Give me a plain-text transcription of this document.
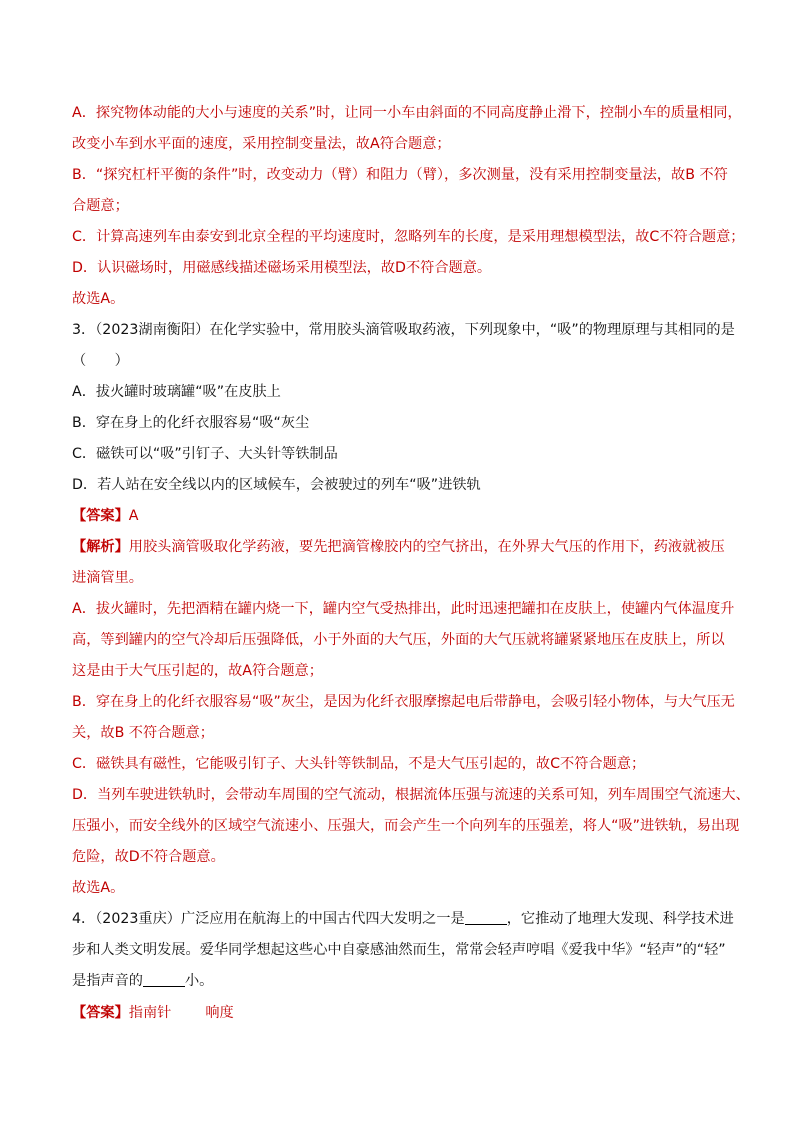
A．探究物体动能的大小与速度的关系”时，让同一小车由斜面的不同高度静止滑下，控制小车的质量相同，
改变小车到水平面的速度，采用控制变量法，故A符合题意；
B．“探究杠杆平衡的条件”时，改变动力（臂）和阻力（臂），多次测量，没有采用控制变量法，故B 不符
合题意；
C．计算高速列车由泰安到北京全程的平均速度时，忽略列车的长度，是采用理想模型法，故C不符合题意；
D．认识磁场时，用磁感线描述磁场采用模型法，故D不符合题意。
故选A。
3．（2023湖南衡阳）在化学实验中，常用胶头滴管吸取药液，下列现象中，“吸”的物理原理与其相同的是
（　　）
A．拔火罐时玻璃罐“吸”在皮肤上
B．穿在身上的化纤衣服容易“吸“灰尘
C．磁铁可以“吸”引钉子、大头针等铁制品
D．若人站在安全线以内的区域候车，会被驶过的列车“吸”进铁轨
【答案】A
【解析】用胶头滴管吸取化学药液，要先把滴管橡胶内的空气挤出，在外界大气压的作用下，药液就被压
进滴管里。
A．拔火罐时，先把酒精在罐内烧一下，罐内空气受热排出，此时迅速把罐扣在皮肤上，使罐内气体温度升
高，等到罐内的空气冷却后压强降低，小于外面的大气压，外面的大气压就将罐紧紧地压在皮肤上，所以
这是由于大气压引起的，故A符合题意；
B．穿在身上的化纤衣服容易“吸”灰尘，是因为化纤衣服摩擦起电后带静电，会吸引轻小物体，与大气压无
关，故B 不符合题意；
C．磁铁具有磁性，它能吸引钉子、大头针等铁制品，不是大气压引起的，故C不符合题意；
D．当列车驶进铁轨时，会带动车周围的空气流动，根据流体压强与流速的关系可知，列车周围空气流速大、
压强小，而安全线外的区域空气流速小、压强大，而会产生一个向列车的压强差，将人“吸”进铁轨，易出现
危险，故D不符合题意。
故选A。
4．（2023重庆）广泛应用在航海上的中国古代四大发明之一是	，它推动了地理大发现、科学技术进
步和人类文明发展。爱华同学想起这些心中自豪感油然而生，常常会轻声哼唱《爱我中华》“轻声”的“轻”
是指声音的	小。
【答案】指南针 响度
